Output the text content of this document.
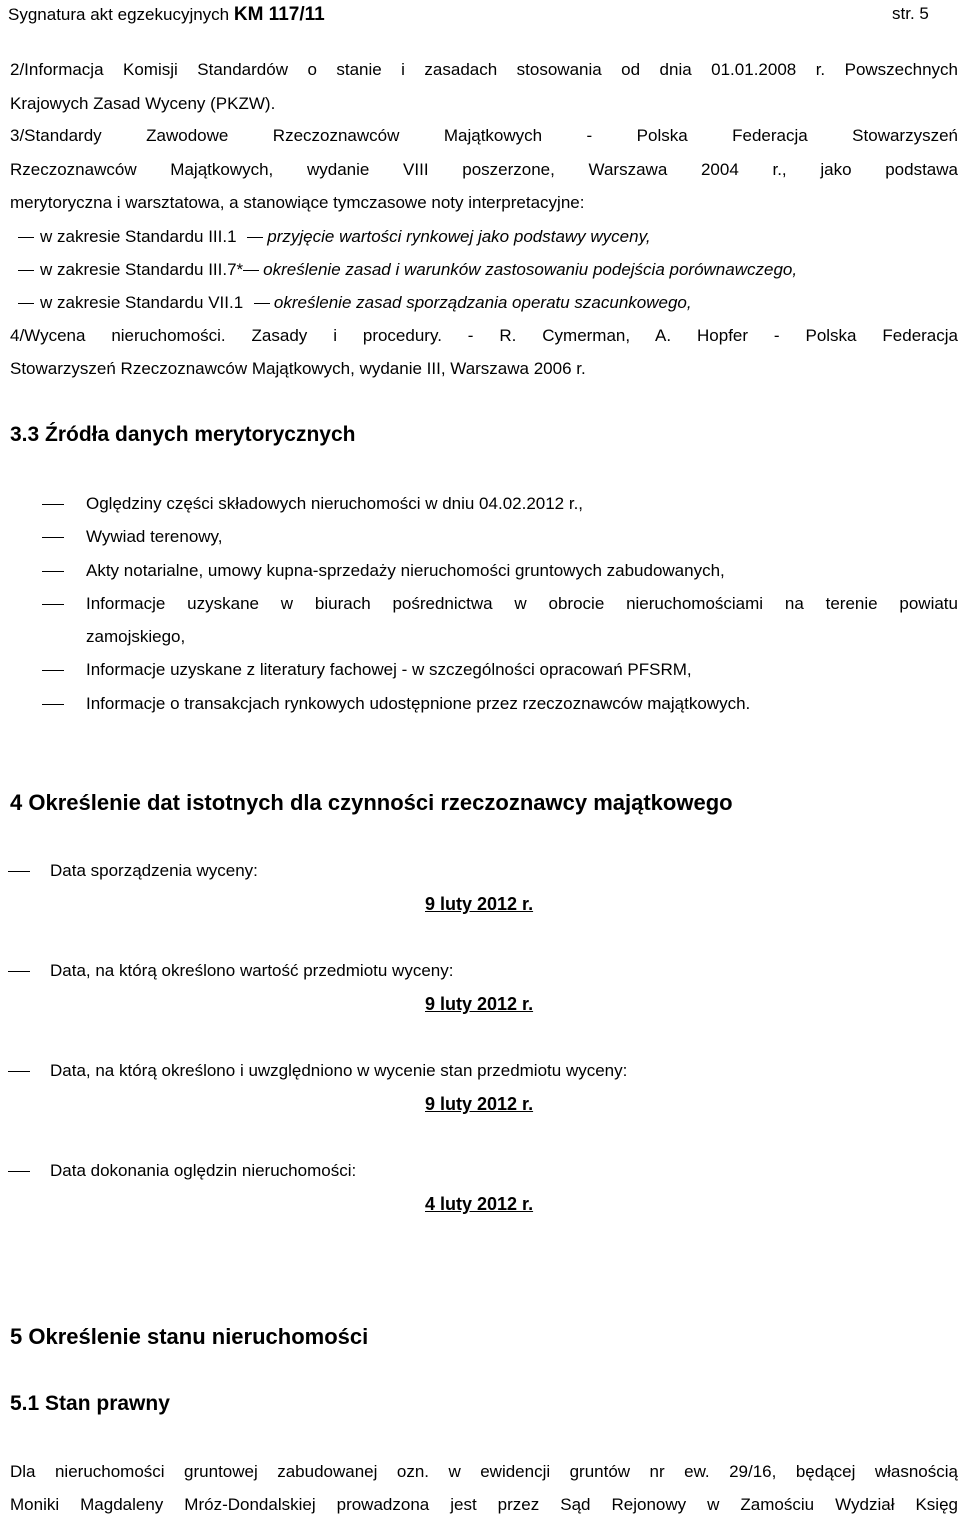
Sygnatura akt egzekucyjnych KM 117/11	str. 5
2/Informacja Komisji Standardów o stanie i zasadach stosowania od dnia 01.01.2008 r. Powszechnych
Krajowych Zasad Wyceny (PKZW).
3/Standardy Zawodowe Rzeczoznawców Majątkowych - Polska Federacja Stowarzyszeń
Rzeczoznawców Majątkowych, wydanie VIII poszerzone, Warszawa 2004 r., jako podstawa
merytoryczna i warsztatowa, a stanowiące tymczasowe noty interpretacyjne:
w zakresie Standardu III.1 przyjęcie wartości rynkowej jako podstawy wyceny,
w zakresie Standardu III.7* określenie zasad i warunków zastosowaniu podejścia porównawczego,
w zakresie Standardu VII.1 określenie zasad sporządzania operatu szacunkowego,
4/Wycena nieruchomości. Zasady i procedury. - R. Cymerman, A. Hopfer - Polska Federacja
Stowarzyszeń Rzeczoznawców Majątkowych, wydanie III, Warszawa 2006 r.
3.3 Źródła danych merytorycznych
Oględziny części składowych nieruchomości w dniu 04.02.2012 r.,
Wywiad terenowy,
Akty notarialne, umowy kupna-sprzedaży nieruchomości gruntowych zabudowanych,
Informacje uzyskane w biurach pośrednictwa w obrocie nieruchomościami na terenie powiatu
zamojskiego,
Informacje uzyskane z literatury fachowej - w szczególności opracowań PFSRM,
Informacje o transakcjach rynkowych udostępnione przez rzeczoznawców majątkowych.
4 Określenie dat istotnych dla czynności rzeczoznawcy majątkowego
Data sporządzenia wyceny:
9 luty 2012 r.
Data, na którą określono wartość przedmiotu wyceny:
9 luty 2012 r.
Data, na którą określono i uwzględniono w wycenie stan przedmiotu wyceny:
9 luty 2012 r.
Data dokonania oględzin nieruchomości:
4 luty 2012 r.
5 Określenie stanu nieruchomości
5.1 Stan prawny
Dla nieruchomości gruntowej zabudowanej ozn. w ewidencji gruntów nr ew. 29/16, będącej własnością
Moniki Magdaleny Mróz-Dondalskiej prowadzona jest przez Sąd Rejonowy w Zamościu Wydział Księg
